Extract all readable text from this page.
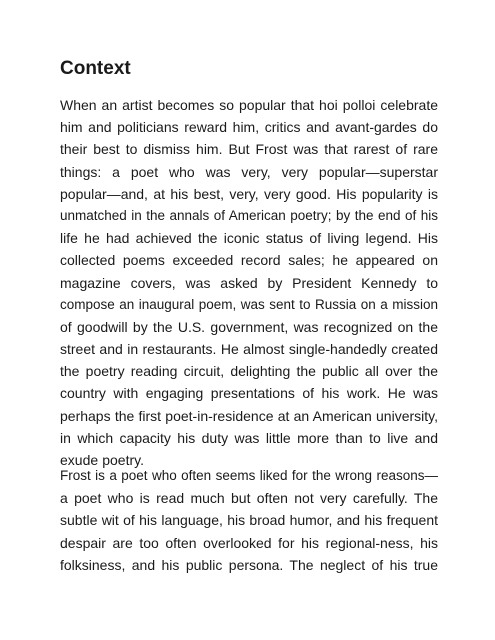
Context

When an artist becomes so popular that hoi polloi celebrate
him and politicians reward him, critics and avant-gardes do
their best to dismiss him. But Frost was that rarest of rare
things: a poet who was very, very popular—superstar
popular—and, at his best, very, very good. His popularity is
unmatched in the annals of American poetry; by the end of his
life he had achieved the iconic status of living legend. His
collected poems exceeded record sales; he appeared on
magazine covers, was asked by President Kennedy to
compose an inaugural poem, was sent to Russia on a mission
of goodwill by the U.S. government, was recognized on the
street and in restaurants. He almost single-handedly created
the poetry reading circuit, delighting the public all over the
country with engaging presentations of his work. He was
perhaps the first poet-in-residence at an American university,
in which capacity his duty was little more than to live and
exude poetry.

Frost is a poet who often seems liked for the wrong reasons—
a poet who is read much but often not very carefully. The
subtle wit of his language, his broad humor, and his frequent
despair are too often overlooked for his regional-ness, his
folksiness, and his public persona. The neglect of his true
